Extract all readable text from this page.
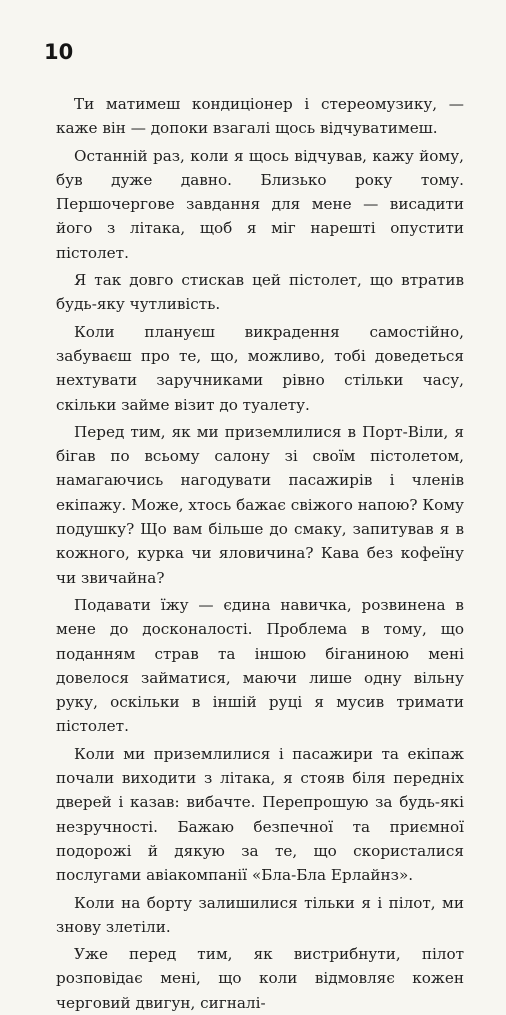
10

Ти матимеш кондиціонер і стереомузику, — каже він — допоки взагалі щось відчуватимеш.

Останній раз, коли я щось відчував, кажу йому, був дуже давно. Близько року тому. Першочергове завдання для мене — висадити його з літака, щоб я міг нарешті опустити пістолет.

Я так довго стискав цей пістолет, що втратив будь-яку чутливість.

Коли плануєш викрадення самостійно, забуваєш про те, що, можливо, тобі доведеться нехтувати заручниками рівно стільки часу, скільки займе візит до туалету.

Перед тим, як ми приземлилися в Порт-Віли, я бігав по всьому салону зі своїм пістолетом, намагаючись нагодувати пасажирів і членів екіпажу. Може, хтось бажає свіжого напою? Кому подушку? Що вам більше до смаку, запитував я в кожного, курка чи яловичина? Кава без кофеїну чи звичайна?

Подавати їжу — єдина навичка, розвинена в мене до досконалості. Проблема в тому, що поданням страв та іншою біганиною мені довелося займатися, маючи лише одну вільну руку, оскільки в іншій руці я мусив тримати пістолет.

Коли ми приземлилися і пасажири та екіпаж почали виходити з літака, я стояв біля передніх дверей і казав: вибачте. Перепрошую за будь-які незручності. Бажаю безпечної та приємної подорожі й дякую за те, що скористалися послугами авіакомпанії «Бла-Бла Ерлайнз».

Коли на борту залишилися тільки я і пілот, ми знову злетіли.

Уже перед тим, як вистрибнути, пілот розповідає мені, що коли відмовляє кожен черговий двигун, сигналі-
